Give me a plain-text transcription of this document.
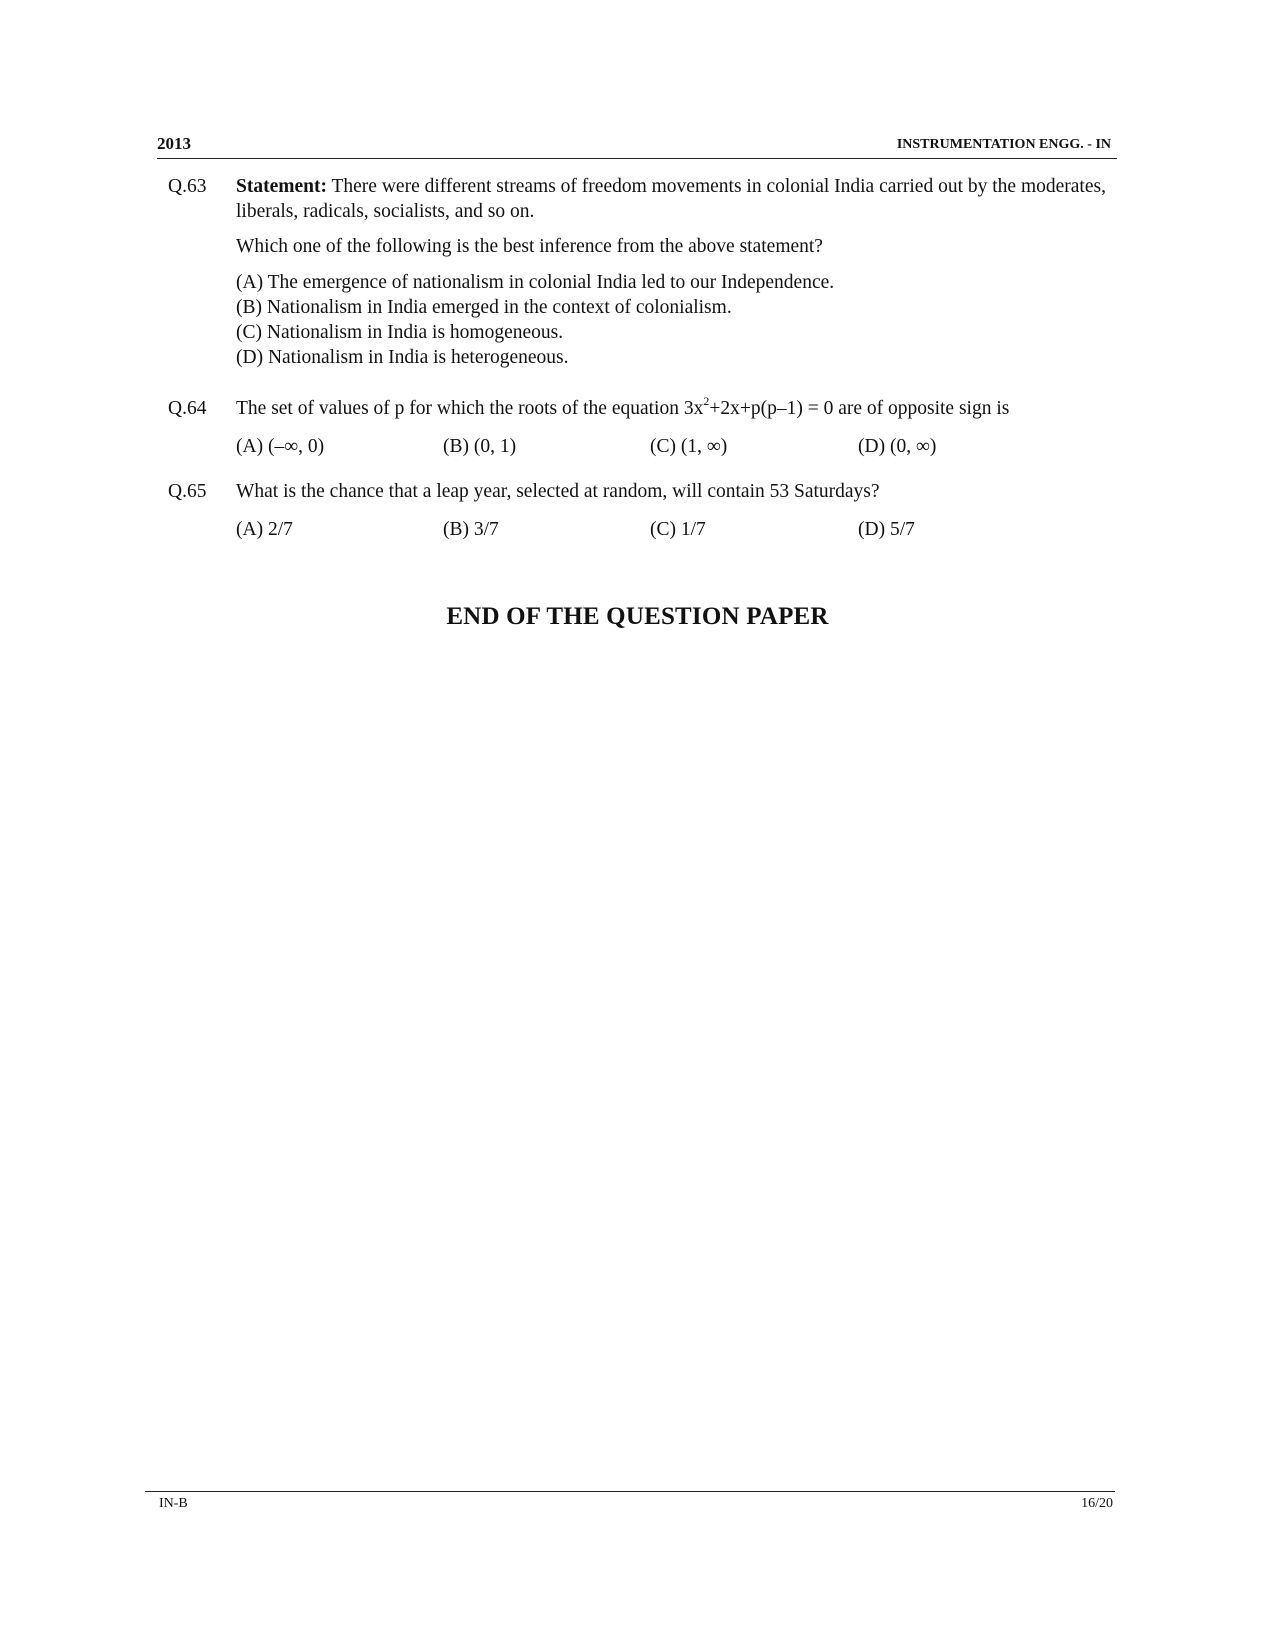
2013	INSTRUMENTATION ENGG. - IN
Q.63 Statement: There were different streams of freedom movements in colonial India carried out by the moderates, liberals, radicals, socialists, and so on.

Which one of the following is the best inference from the above statement?

(A) The emergence of nationalism in colonial India led to our Independence.
(B) Nationalism in India emerged in the context of colonialism.
(C) Nationalism in India is homogeneous.
(D) Nationalism in India is heterogeneous.
Q.64 The set of values of p for which the roots of the equation $3x^2+2x+p(p-1) = 0$ are of opposite sign is

(A) (–∞, 0)	(B) (0, 1)	(C) (1, ∞)	(D) (0, ∞)
Q.65 What is the chance that a leap year, selected at random, will contain 53 Saturdays?

(A) 2/7	(B) 3/7	(C) 1/7	(D) 5/7
END OF THE QUESTION PAPER
IN-B	16/20
